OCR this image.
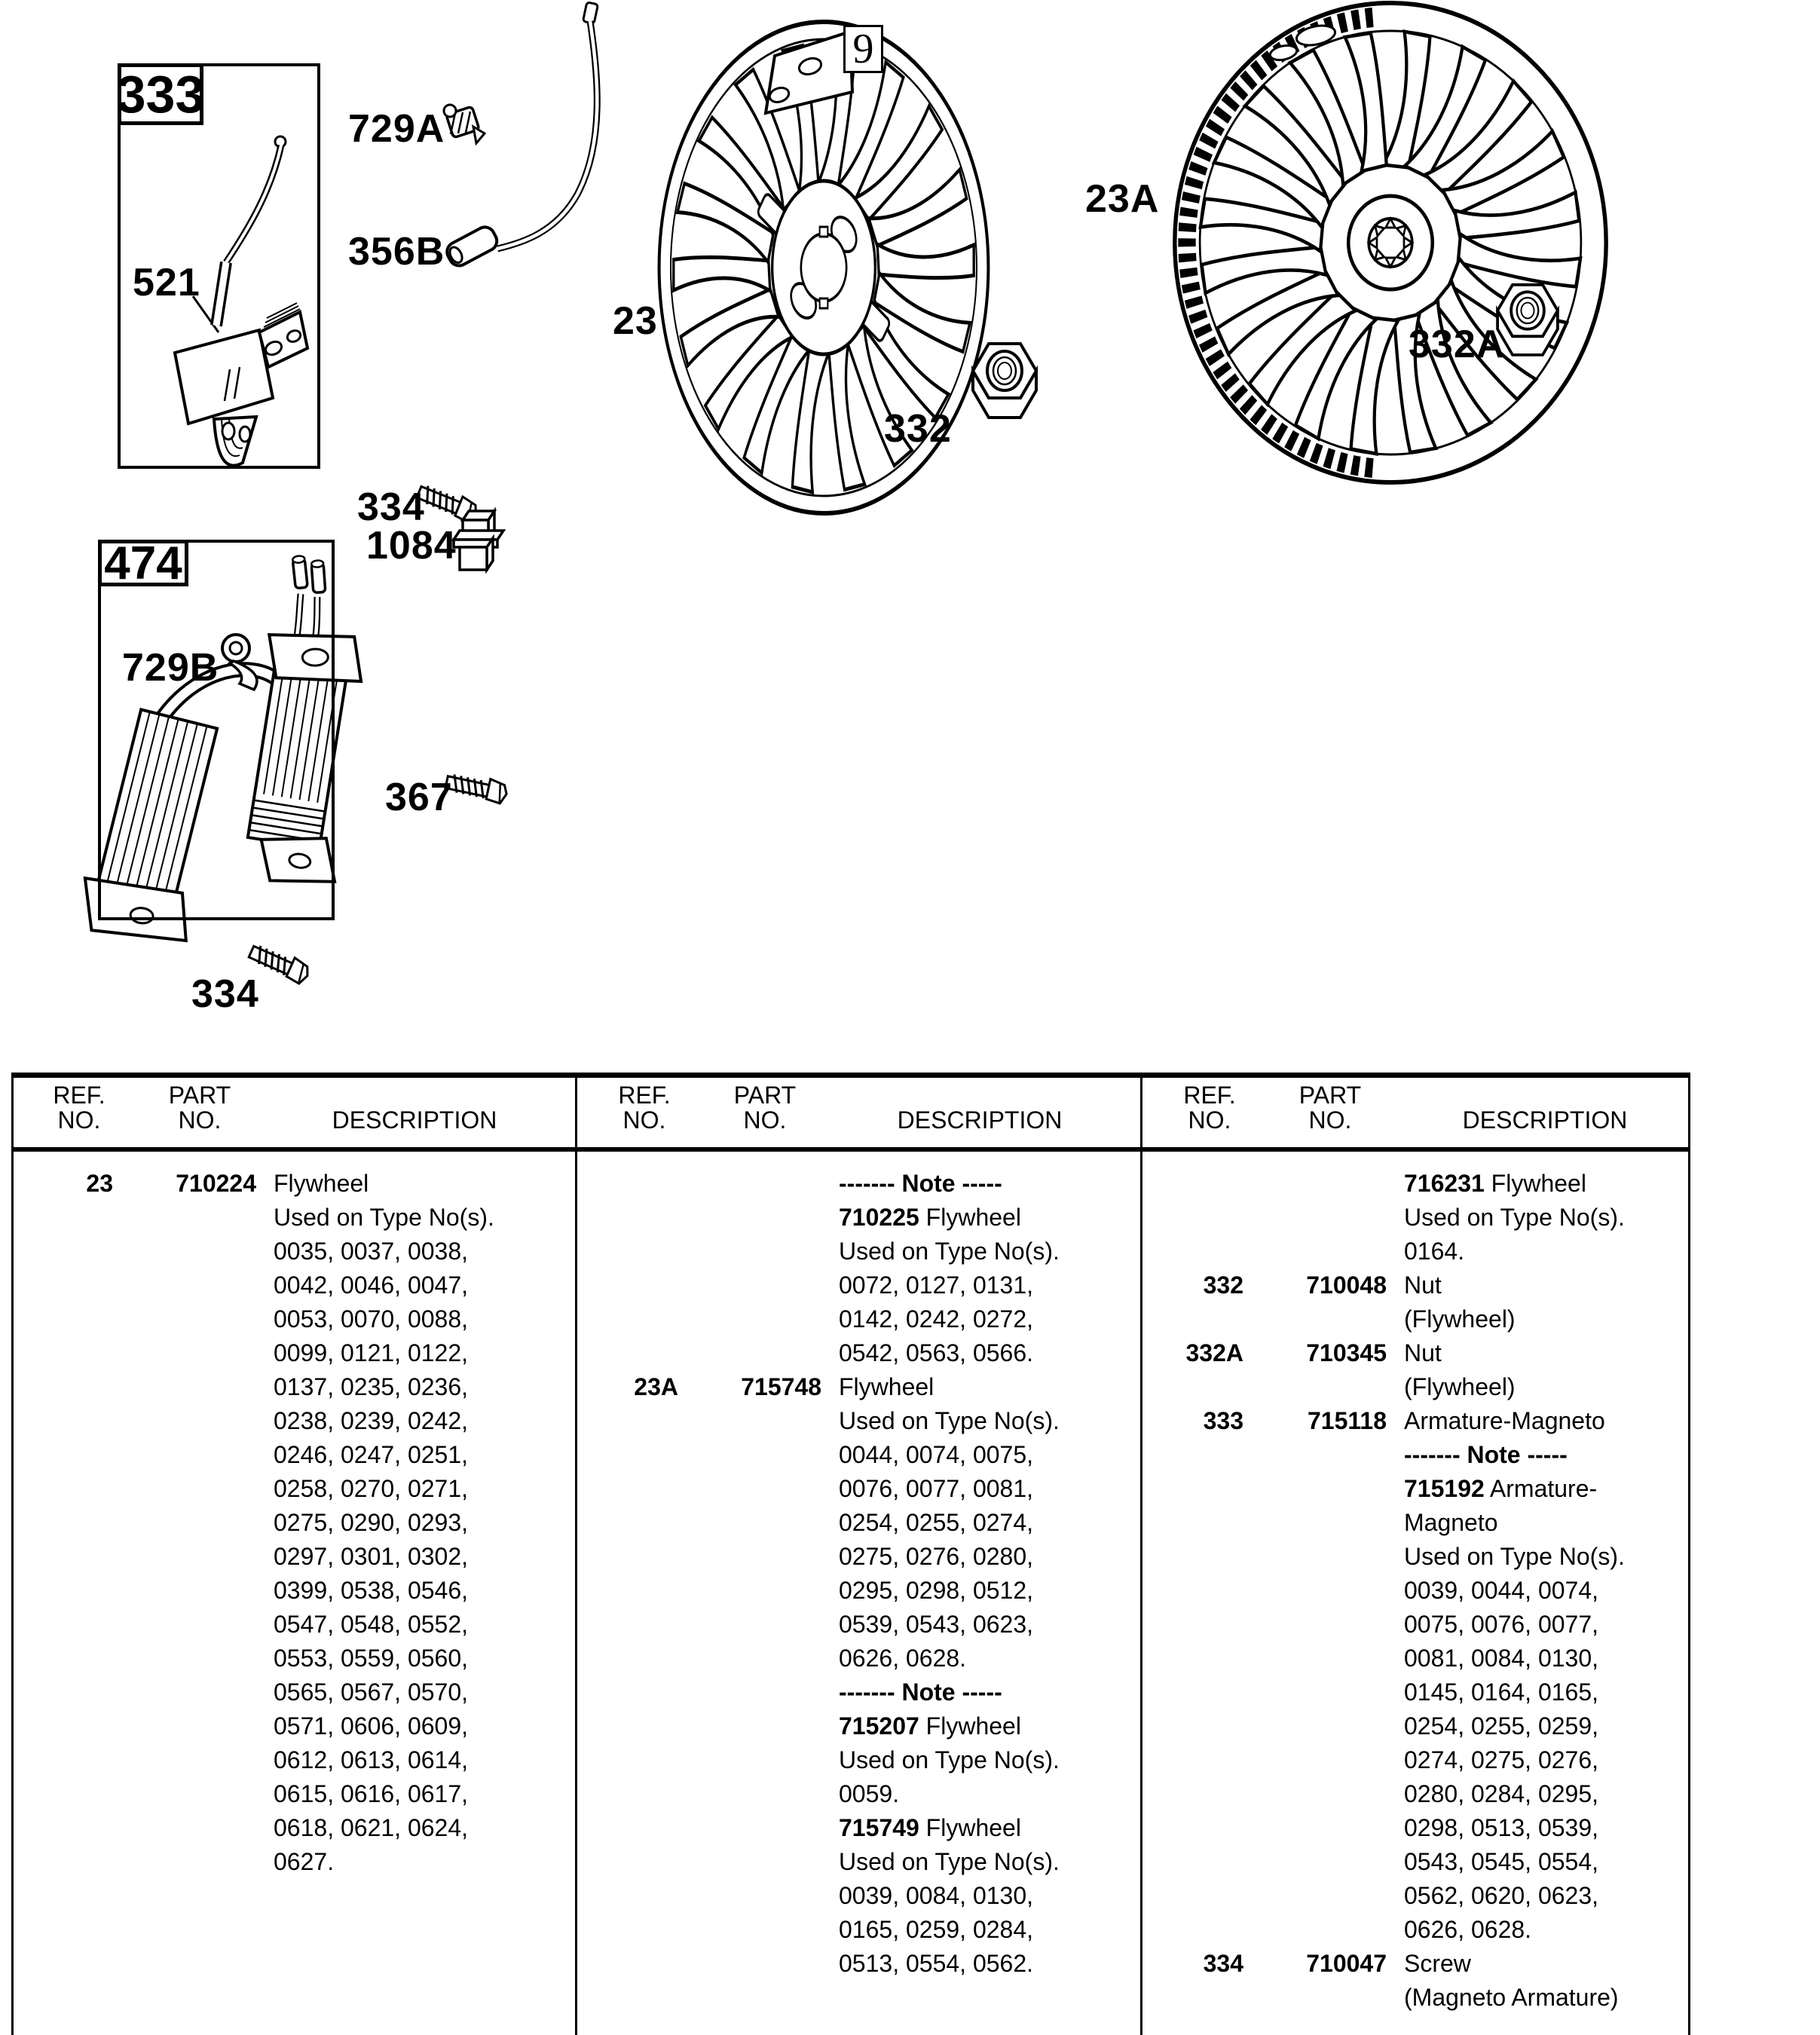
333
474
9
729A
356B
521
334
23
332
23A
332A
1084
729B
367
334
REF.	PART
NO.	NO.	DESCRIPTION
REF.	PART
NO.	NO.	DESCRIPTION
REF.	PART
NO.	NO.	DESCRIPTION
23	710224 Flywheel
Used on Type No(s).
0035, 0037, 0038,
0042, 0046, 0047,
0053, 0070, 0088,
0099, 0121, 0122,
0137, 0235, 0236,
0238, 0239, 0242,
0246, 0247, 0251,
0258, 0270, 0271,
0275, 0290, 0293,
0297, 0301, 0302,
0399, 0538, 0546,
0547, 0548, 0552,
0553, 0559, 0560,
0565, 0567, 0570,
0571, 0606, 0609,
0612, 0613, 0614,
0615, 0616, 0617,
0618, 0621, 0624,
0627.
------- Note -----
710225 Flywheel
Used on Type No(s).
0072, 0127, 0131,
0142, 0242, 0272,
0542, 0563, 0566.
23A	715748 Flywheel
Used on Type No(s).
0044, 0074, 0075,
0076, 0077, 0081,
0254, 0255, 0274,
0275, 0276, 0280,
0295, 0298, 0512,
0539, 0543, 0623,
0626, 0628.
------- Note -----
715207 Flywheel
Used on Type No(s).
0059.
715749 Flywheel
Used on Type No(s).
0039, 0084, 0130,
0165, 0259, 0284,
0513, 0554, 0562.
716231 Flywheel
Used on Type No(s).
0164.
332	710048 Nut
(Flywheel)
332A	710345 Nut
(Flywheel)
333	715118 Armature-Magneto
------- Note -----
715192 Armature-
Magneto
Used on Type No(s).
0039, 0044, 0074,
0075, 0076, 0077,
0081, 0084, 0130,
0145, 0164, 0165,
0254, 0255, 0259,
0274, 0275, 0276,
0280, 0284, 0295,
0298, 0513, 0539,
0543, 0545, 0554,
0562, 0620, 0623,
0626, 0628.
334	710047 Screw
(Magneto Armature)
